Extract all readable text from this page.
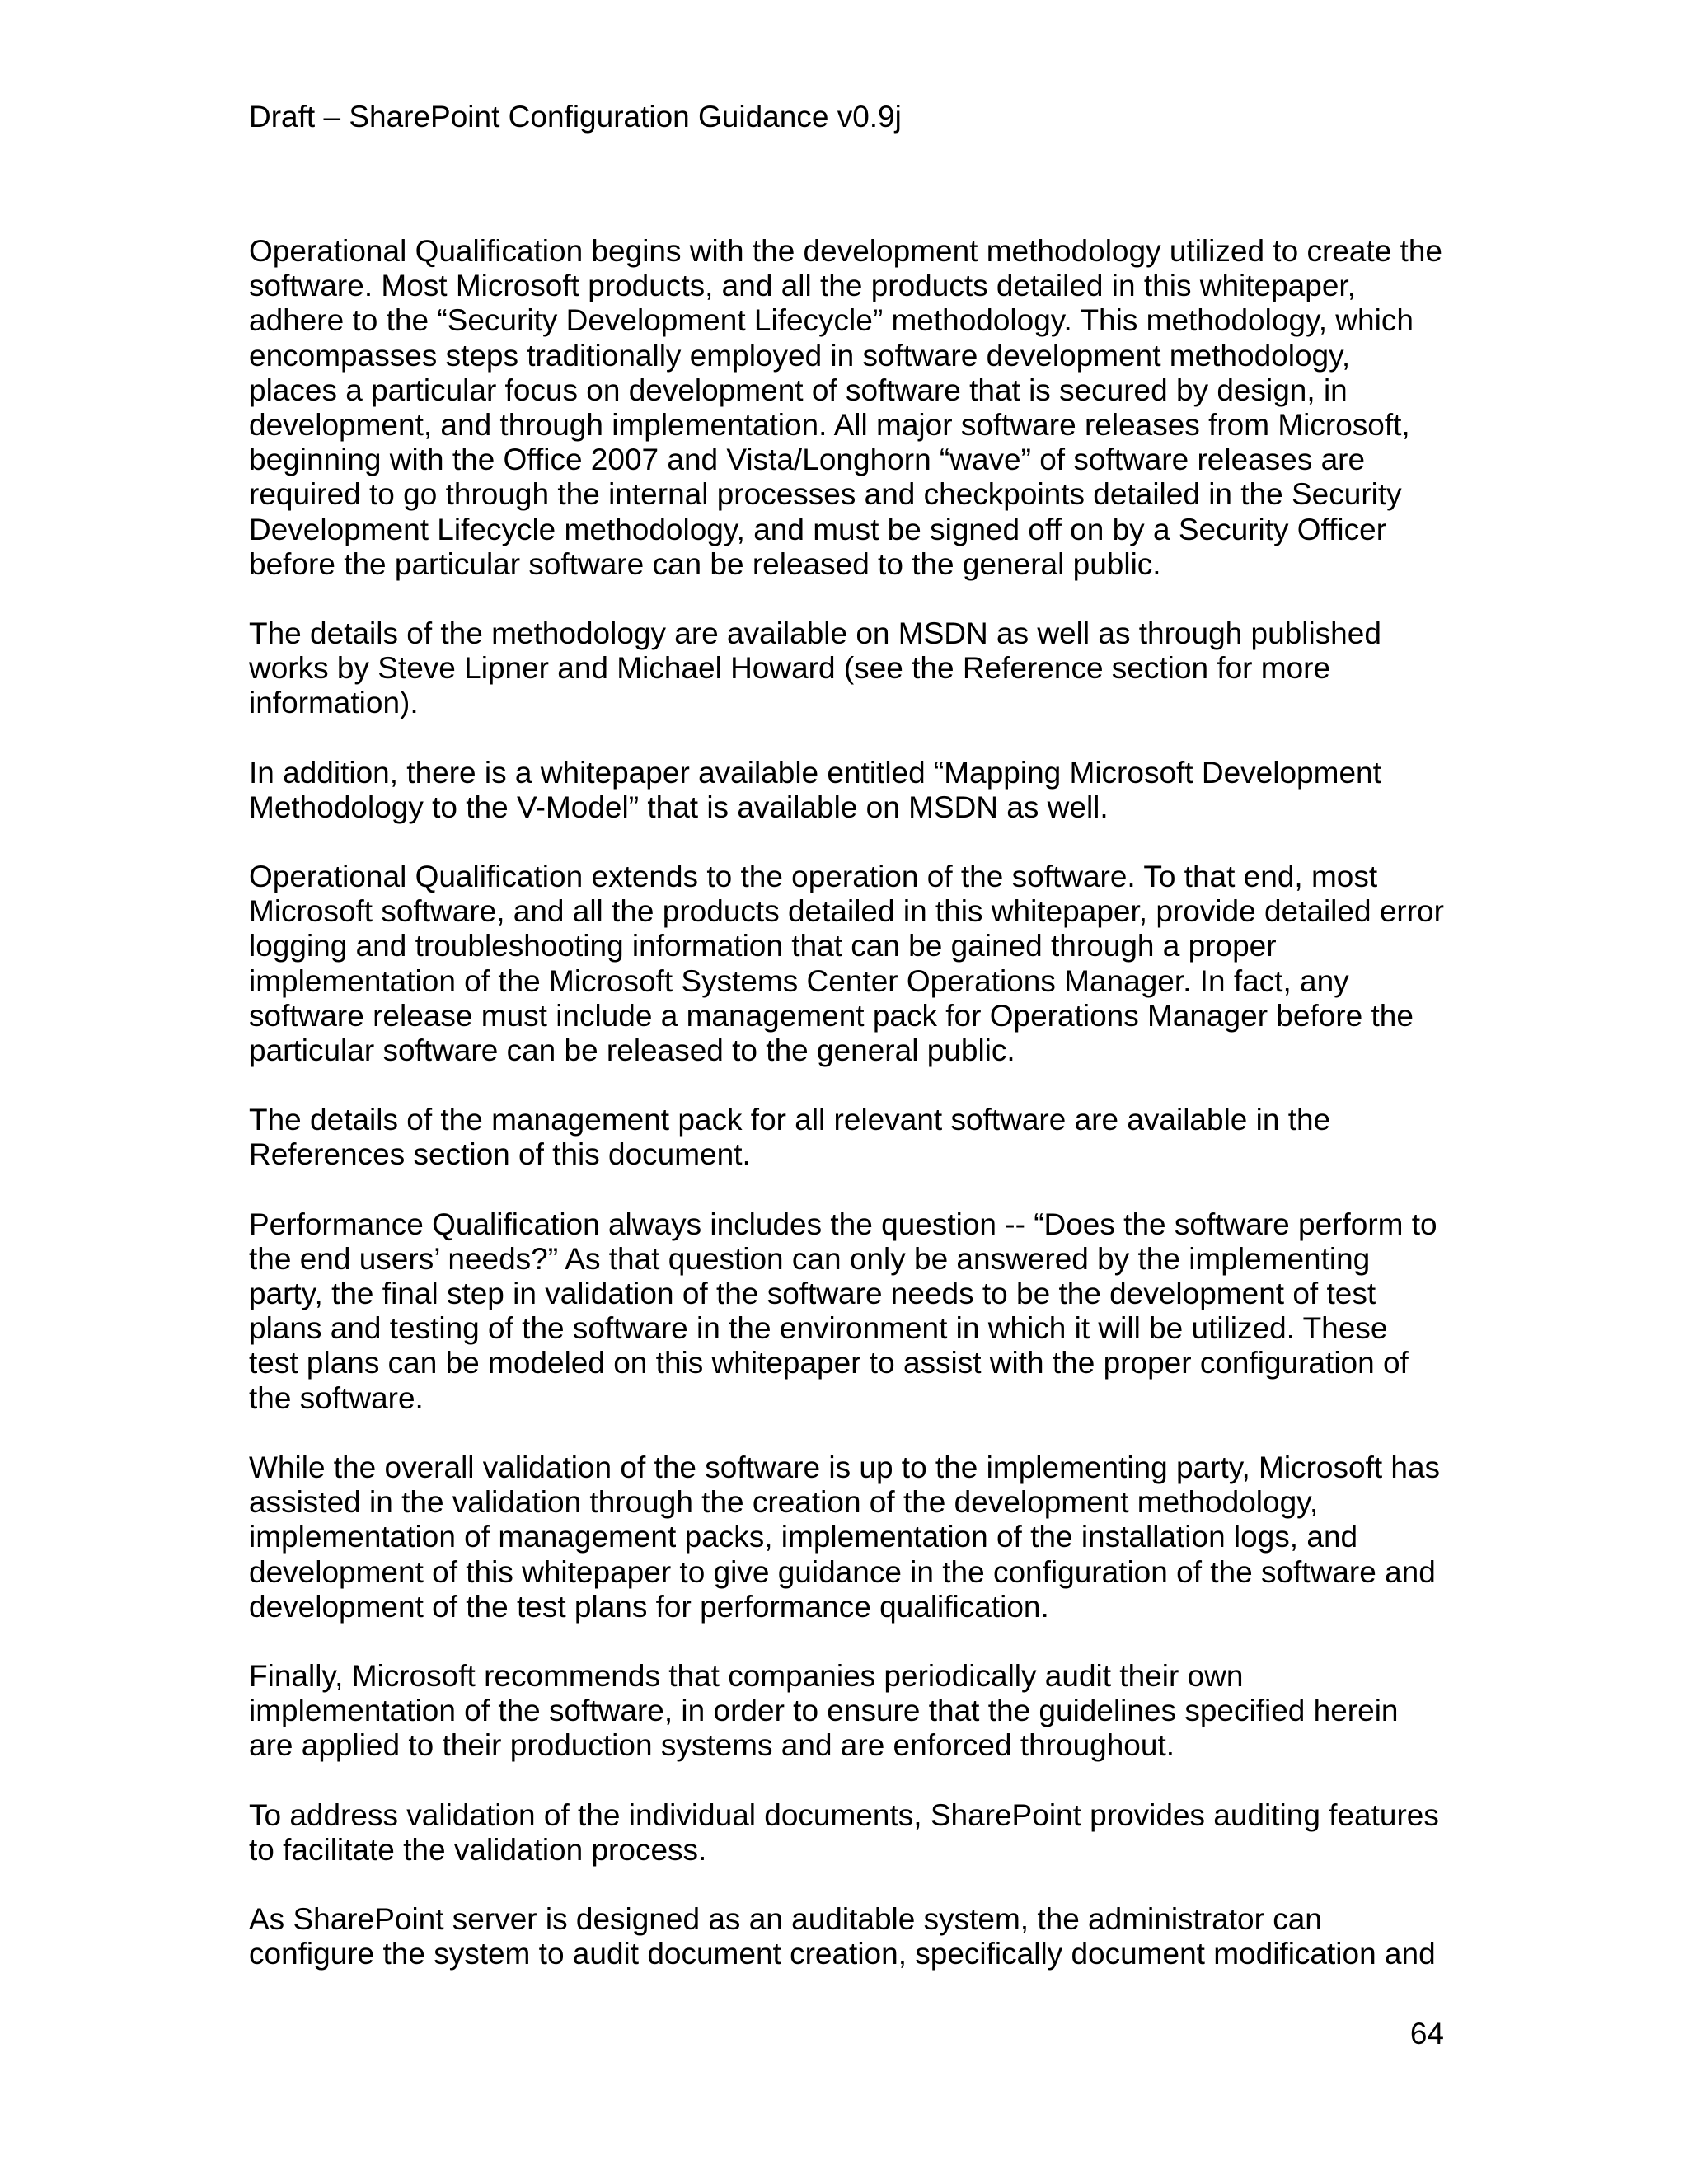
Draft – SharePoint Configuration Guidance v0.9j
Operational Qualification begins with the development methodology utilized to create the
software. Most Microsoft products, and all the products detailed in this whitepaper,
adhere to the “Security Development Lifecycle” methodology. This methodology, which
encompasses steps traditionally employed in software development methodology,
places a particular focus on development of software that is secured by design, in
development, and through implementation. All major software releases from Microsoft,
beginning with the Office 2007 and Vista/Longhorn “wave” of software releases are
required to go through the internal processes and checkpoints detailed in the Security
Development Lifecycle methodology, and must be signed off on by a Security Officer
before the particular software can be released to the general public.
The details of the methodology are available on MSDN as well as through published
works by Steve Lipner and Michael Howard (see the Reference section for more
information).
In addition, there is a whitepaper available entitled “Mapping Microsoft Development
Methodology to the V-Model” that is available on MSDN as well.
Operational Qualification extends to the operation of the software. To that end, most
Microsoft software, and all the products detailed in this whitepaper, provide detailed error
logging and troubleshooting information that can be gained through a proper
implementation of the Microsoft Systems Center Operations Manager. In fact, any
software release must include a management pack for Operations Manager before the
particular software can be released to the general public.
The details of the management pack for all relevant software are available in the
References section of this document.
Performance Qualification always includes the question -- “Does the software perform to
the end users’ needs?” As that question can only be answered by the implementing
party, the final step in validation of the software needs to be the development of test
plans and testing of the software in the environment in which it will be utilized. These
test plans can be modeled on this whitepaper to assist with the proper configuration of
the software.
While the overall validation of the software is up to the implementing party, Microsoft has
assisted in the validation through the creation of the development methodology,
implementation of management packs, implementation of the installation logs, and
development of this whitepaper to give guidance in the configuration of the software and
development of the test plans for performance qualification.
Finally, Microsoft recommends that companies periodically audit their own
implementation of the software, in order to ensure that the guidelines specified herein
are applied to their production systems and are enforced throughout.
To address validation of the individual documents, SharePoint provides auditing features
to facilitate the validation process.
As SharePoint server is designed as an auditable system, the administrator can
configure the system to audit document creation, specifically document modification and
64
